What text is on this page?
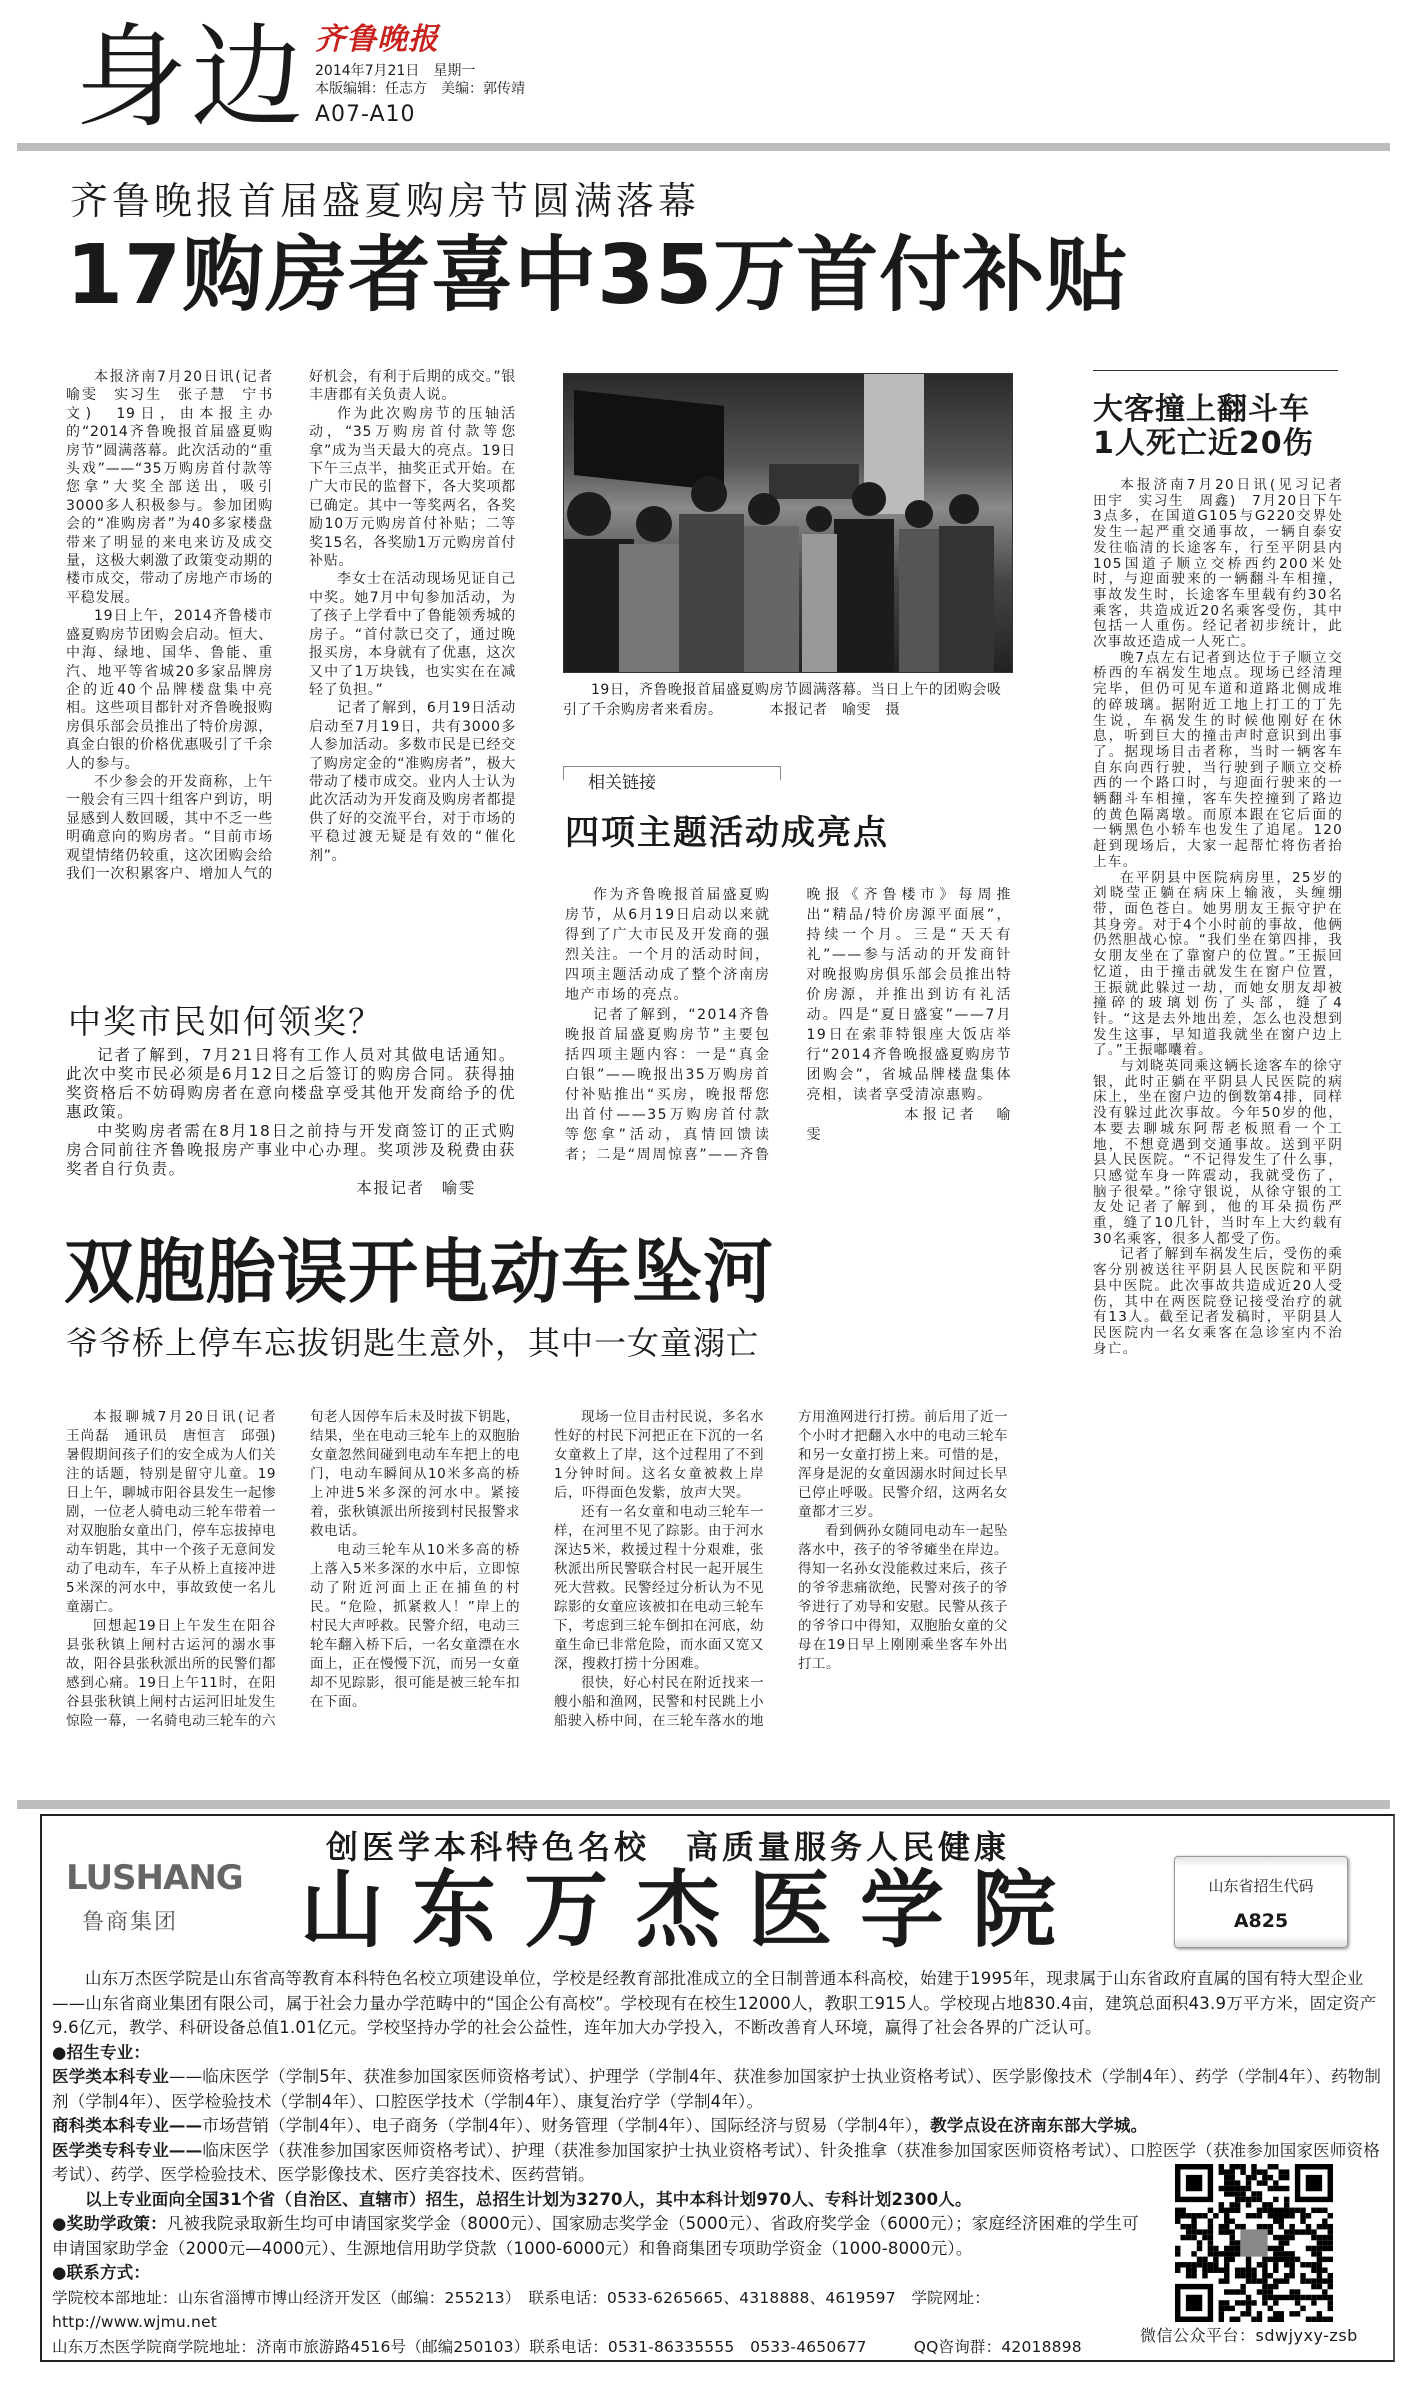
身边 齐鲁晚报
2014年7月21日　星期一
本版编辑：任志方　美编：郭传靖
A07-A10
齐鲁晚报首届盛夏购房节圆满落幕
17购房者喜中35万首付补贴

本报济南7月20日讯(记者　喻雯　实习生　张子慧　宁书文)　19日，由本报主办的“2014齐鲁晚报首届盛夏购房节”圆满落幕。此次活动的“重头戏”——“35万购房首付款等您拿”大奖全部送出，吸引3000多人积极参与。参加团购会的“准购房者”为40多家楼盘带来了明显的来电来访及成交量，这极大刺激了政策变动期的楼市成交，带动了房地产市场的平稳发展。

19日上午，2014齐鲁楼市盛夏购房节团购会启动。恒大、中海、绿地、国华、鲁能、重汽、地平等省城20多家品牌房企的近40个品牌楼盘集中亮相。这些项目都针对齐鲁晚报购房俱乐部会员推出了特价房源，真金白银的价格优惠吸引了千余人的参与。

不少参会的开发商称，上午一般会有三四十组客户到访，明显感到人数回暖，其中不乏一些明确意向的购房者。“目前市场观望情绪仍较重，这次团购会给我们一次积累客户、增加人气的好机会，有利于后期的成交。”银丰唐郡有关负责人说。

作为此次购房节的压轴活动，“35万购房首付款等您拿”成为当天最大的亮点。19日下午三点半，抽奖正式开始。在广大市民的监督下，各大奖项都已确定。其中一等奖两名，各奖励10万元购房首付补贴；二等奖15名，各奖励1万元购房首付补贴。

李女士在活动现场见证自己中奖。她7月中旬参加活动，为了孩子上学看中了鲁能领秀城的房子。“首付款已交了，通过晚报买房，本身就有了优惠，这次又中了1万块钱，也实实在在减轻了负担。”

记者了解到，6月19日活动启动至7月19日，共有3000多人参加活动。多数市民是已经交了购房定金的“准购房者”，极大带动了楼市成交。业内人士认为此次活动为开发商及购房者都提供了好的交流平台，对于市场的平稳过渡无疑是有效的“催化剂”。

19日，齐鲁晚报首届盛夏购房节圆满落幕。当日上午的团购会吸引了千余购房者来看房。	本报记者　喻雯　摄
相关链接
四项主题活动成亮点

作为齐鲁晚报首届盛夏购房节，从6月19日启动以来就得到了广大市民及开发商的强烈关注。一个月的活动时间，四项主题活动成了整个济南房地产市场的亮点。

记者了解到，“2014齐鲁晚报首届盛夏购房节”主要包括四项主题内容：一是“真金白银”——晚报出35万购房首付补贴推出“买房，晚报帮您出首付——35万购房首付款等您拿”活动，真情回馈读者；二是“周周惊喜”——齐鲁晚报《齐鲁楼市》每周推出“精品/特价房源平面展”，持续一个月。三是“天天有礼”——参与活动的开发商针对晚报购房俱乐部会员推出特价房源，并推出到访有礼活动。四是“夏日盛宴”——7月19日在索菲特银座大饭店举行“2014齐鲁晚报盛夏购房节团购会”，省城品牌楼盘集体亮相，读者享受清凉惠购。

本报记者　喻雯

大客撞上翻斗车
1人死亡近20伤

本报济南7月20日讯(见习记者　田宇　实习生　周鑫)　7月20日下午3点多，在国道G105与G220交界处发生一起严重交通事故，一辆自泰安发往临清的长途客车，行至平阴县内105国道子顺立交桥西约200米处时，与迎面驶来的一辆翻斗车相撞，事故发生时，长途客车里载有约30名乘客，共造成近20名乘客受伤，其中包括一人重伤。经记者初步统计，此次事故还造成一人死亡。

晚7点左右记者到达位于子顺立交桥西的车祸发生地点。现场已经清理完毕，但仍可见车道和道路北侧成堆的碎玻璃。据附近工地上打工的丁先生说，车祸发生的时候他刚好在休息，听到巨大的撞击声时意识到出事了。据现场目击者称，当时一辆客车自东向西行驶，当行驶到子顺立交桥西的一个路口时，与迎面行驶来的一辆翻斗车相撞，客车失控撞到了路边的黄色隔离墩。而原本跟在它后面的一辆黑色小轿车也发生了追尾。120赶到现场后，大家一起帮忙将伤者抬上车。

在平阴县中医院病房里，25岁的刘晓莹正躺在病床上输液，头缠绷带，面色苍白。她男朋友王振守护在其身旁。对于4个小时前的事故，他俩仍然胆战心惊。“我们坐在第四排，我女朋友坐在了靠窗户的位置。”王振回忆道，由于撞击就发生在窗户位置，王振就此躲过一劫，而她女朋友却被撞碎的玻璃划伤了头部，缝了4针。“这是去外地出差，怎么也没想到发生这事，早知道我就坐在窗户边上了。”王振嘟囔着。

与刘晓英同乘这辆长途客车的徐守银，此时正躺在平阴县人民医院的病床上，坐在窗户边的倒数第4排，同样没有躲过此次事故。今年50岁的他，本要去聊城东阿帮老板照看一个工地，不想竟遇到交通事故。送到平阴县人民医院。“不记得发生了什么事，只感觉车身一阵震动，我就受伤了，脑子很晕。”徐守银说，从徐守银的工友处记者了解到，他的耳朵损伤严重，缝了10几针，当时车上大约载有30名乘客，很多人都受了伤。

记者了解到车祸发生后，受伤的乘客分别被送往平阴县人民医院和平阴县中医院。此次事故共造成近20人受伤，其中在两医院登记接受治疗的就有13人。截至记者发稿时，平阴县人民医院内一名女乘客在急诊室内不治身亡。

中奖市民如何领奖？

记者了解到，7月21日将有工作人员对其做电话通知。此次中奖市民必须是6月12日之后签订的购房合同。获得抽奖资格后不妨碍购房者在意向楼盘享受其他开发商给予的优惠政策。

中奖购房者需在8月18日之前持与开发商签订的正式购房合同前往齐鲁晚报房产事业中心办理。奖项涉及税费由获奖者自行负责。

本报记者　喻雯
双胞胎误开电动车坠河
爷爷桥上停车忘拔钥匙生意外，其中一女童溺亡

本报聊城7月20日讯(记者　王尚磊　通讯员　唐恒言　邱强)　暑假期间孩子们的安全成为人们关注的话题，特别是留守儿童。19日上午，聊城市阳谷县发生一起惨剧，一位老人骑电动三轮车带着一对双胞胎女童出门，停车忘拔掉电动车钥匙，其中一个孩子无意间发动了电动车，车子从桥上直接冲进5米深的河水中，事故致使一名儿童溺亡。

回想起19日上午发生在阳谷县张秋镇上闸村古运河的溺水事故，阳谷县张秋派出所的民警们都感到心痛。19日上午11时，在阳谷县张秋镇上闸村古运河旧址发生惊险一幕，一名骑电动三轮车的六旬老人因停车后未及时拔下钥匙，结果，坐在电动三轮车上的双胞胎女童忽然间碰到电动车车把上的电门，电动车瞬间从10米多高的桥上冲进5米多深的河水中。紧接着，张秋镇派出所接到村民报警求救电话。

电动三轮车从10米多高的桥上落入5米多深的水中后，立即惊动了附近河面上正在捕鱼的村民。“危险，抓紧救人！”岸上的村民大声呼救。民警介绍，电动三轮车翻入桥下后，一名女童漂在水面上，正在慢慢下沉，而另一女童却不见踪影，很可能是被三轮车扣在下面。

现场一位目击村民说，多名水性好的村民下河把正在下沉的一名女童救上了岸，这个过程用了不到1分钟时间。这名女童被救上岸后，吓得面色发紫，放声大哭。

还有一名女童和电动三轮车一样，在河里不见了踪影。由于河水深达5米，救援过程十分艰难，张秋派出所民警联合村民一起开展生死大营救。民警经过分析认为不见踪影的女童应该被扣在电动三轮车下，考虑到三轮车倒扣在河底，幼童生命已非常危险，而水面又宽又深，搜救打捞十分困难。

很快，好心村民在附近找来一艘小船和渔网，民警和村民跳上小船驶入桥中间，在三轮车落水的地方用渔网进行打捞。前后用了近一个小时才把翻入水中的电动三轮车和另一女童打捞上来。可惜的是，浑身是泥的女童因溺水时间过长早已停止呼吸。民警介绍，这两名女童都才三岁。

看到俩孙女随同电动车一起坠落水中，孩子的爷爷瘫坐在岸边。得知一名孙女没能救过来后，孩子的爷爷悲痛欲绝，民警对孩子的爷爷进行了劝导和安慰。民警从孩子的爷爷口中得知，双胞胎女童的父母在19日早上刚刚乘坐客车外出打工。

创医学本科特色名校　高质量服务人民健康
LUSHANG
鲁商集团 山东万杰医学院	山东省招生代码
A825
山东万杰医学院是山东省高等教育本科特色名校立项建设单位，学校是经教育部批准成立的全日制普通本科高校，始建于1995年，现隶属于山东省政府直属的国有特大型企业——山东省商业集团有限公司，属于社会力量办学范畴中的“国企公有高校”。学校现有在校生12000人，教职工915人。学校现占地830.4亩，建筑总面积43.9万平方米，固定资产9.6亿元，教学、科研设备总值1.01亿元。学校坚持办学的社会公益性，连年加大办学投入，不断改善育人环境，赢得了社会各界的广泛认可。
●招生专业：
医学类本科专业——临床医学（学制5年、获准参加国家医师资格考试）、护理学（学制4年、获准参加国家护士执业资格考试）、医学影像技术（学制4年）、药学（学制4年）、药物制剂（学制4年）、医学检验技术（学制4年）、口腔医学技术（学制4年）、康复治疗学（学制4年）。
商科类本科专业——市场营销（学制4年）、电子商务（学制4年）、财务管理（学制4年）、国际经济与贸易（学制4年），教学点设在济南东部大学城。
医学类专科专业——临床医学（获准参加国家医师资格考试）、护理（获准参加国家护士执业资格考试）、针灸推拿（获准参加国家医师资格考试）、口腔医学（获准参加国家医师资格考试）、药学、医学检验技术、医学影像技术、医疗美容技术、医药营销。
以上专业面向全国31个省（自治区、直辖市）招生，总招生计划为3270人，其中本科计划970人、专科计划2300人。
●奖助学政策：凡被我院录取新生均可申请国家奖学金（8000元）、国家励志奖学金（5000元）、省政府奖学金（6000元）；家庭经济困难的学生可申请国家助学金（2000元—4000元）、生源地信用助学贷款（1000-6000元）和鲁商集团专项助学资金（1000-8000元）。
●联系方式：
学院校本部地址：山东省淄博市博山经济开发区（邮编：255213）　联系电话：0533-6265665、4318888、4619597　学院网址：http://www.wjmu.net
山东万杰医学院商学院地址：济南市旅游路4516号（邮编250103）联系电话：0531-86335555　0533-4650677　　　QQ咨询群：42018898
微信公众平台：sdwjyxy-zsb
